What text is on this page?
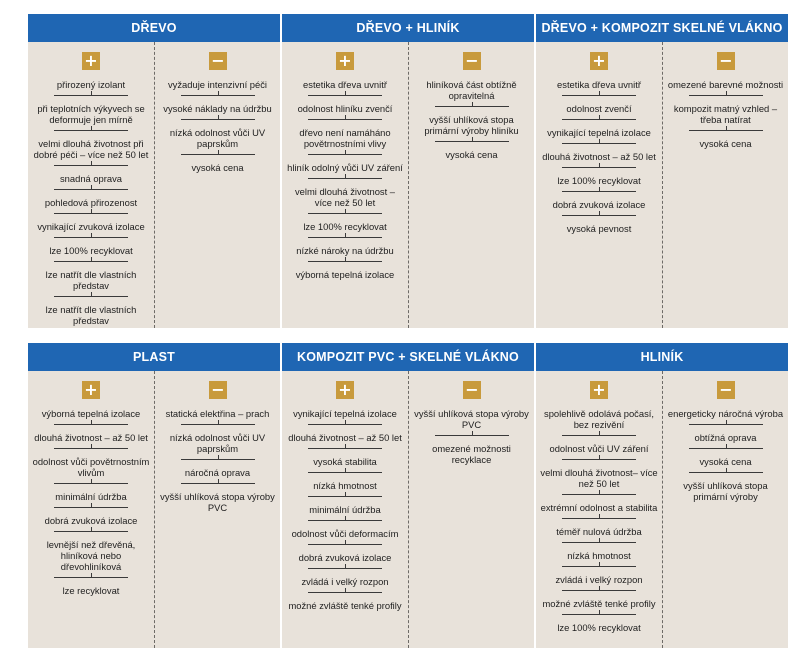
DŘEVO
+
přirozený izolant
při teplotních výkyvech se deformuje jen mírně
velmi dlouhá životnost při dobré péči – více než 50 let
snadná oprava
pohledová přirozenost
vynikající zvuková izolace
lze 100% recyklovat
lze natřít dle vlastních představ
lze natřít dle vlastních představ
−
vyžaduje intenzivní péči
vysoké náklady na údržbu
nízká odolnost vůči UV paprskům
vysoká cena
DŘEVO + HLINÍK
+
estetika dřeva uvnitř
odolnost hliníku zvenčí
dřevo není namáháno povětrnostními vlivy
hliník odolný vůči UV záření
velmi dlouhá životnost – více než 50 let
lze 100% recyklovat
nízké nároky na údržbu
výborná tepelná izolace
−
hliníková část obtížně opravitelná
vyšší uhlíková stopa primární výroby hliníku
vysoká cena
DŘEVO + KOMPOZIT SKELNÉ VLÁKNO
+
estetika dřeva uvnitř
odolnost zvenčí
vynikající tepelná izolace
dlouhá životnost – až 50 let
lze 100% recyklovat
dobrá zvuková izolace
vysoká pevnost
−
omezené barevné možnosti
kompozit matný vzhled – třeba natírat
vysoká cena
PLAST
+
výborná tepelná izolace
dlouhá životnost – až 50 let
odolnost vůči povětrnostním vlivům
minimální údržba
dobrá zvuková izolace
levnější než dřevěná, hliníková nebo dřevohliníková
lze recyklovat
−
statická elektřina – prach
nízká odolnost vůči UV paprskům
náročná oprava
vyšší uhlíková stopa výroby PVC
KOMPOZIT PVC + SKELNÉ VLÁKNO
+
vynikající tepelná izolace
dlouhá životnost – až 50 let
vysoká stabilita
nízká hmotnost
minimální údržba
odolnost vůči deformacím
dobrá zvuková izolace
zvládá i velký rozpon
možné zvláště tenké profily
−
vyšší uhlíková stopa výroby PVC
omezené možnosti recyklace
HLINÍK
+
spolehlivě odolává počasí, bez rezivění
odolnost vůči UV záření
velmi dlouhá životnost– více než 50 let
extrémní odolnost a stabilita
téměř nulová údržba
nízká hmotnost
zvládá i velký rozpon
možné zvláště tenké profily
lze 100% recyklovat
−
energeticky náročná výroba
obtížná oprava
vysoká cena
vyšší uhlíková stopa primární výroby
